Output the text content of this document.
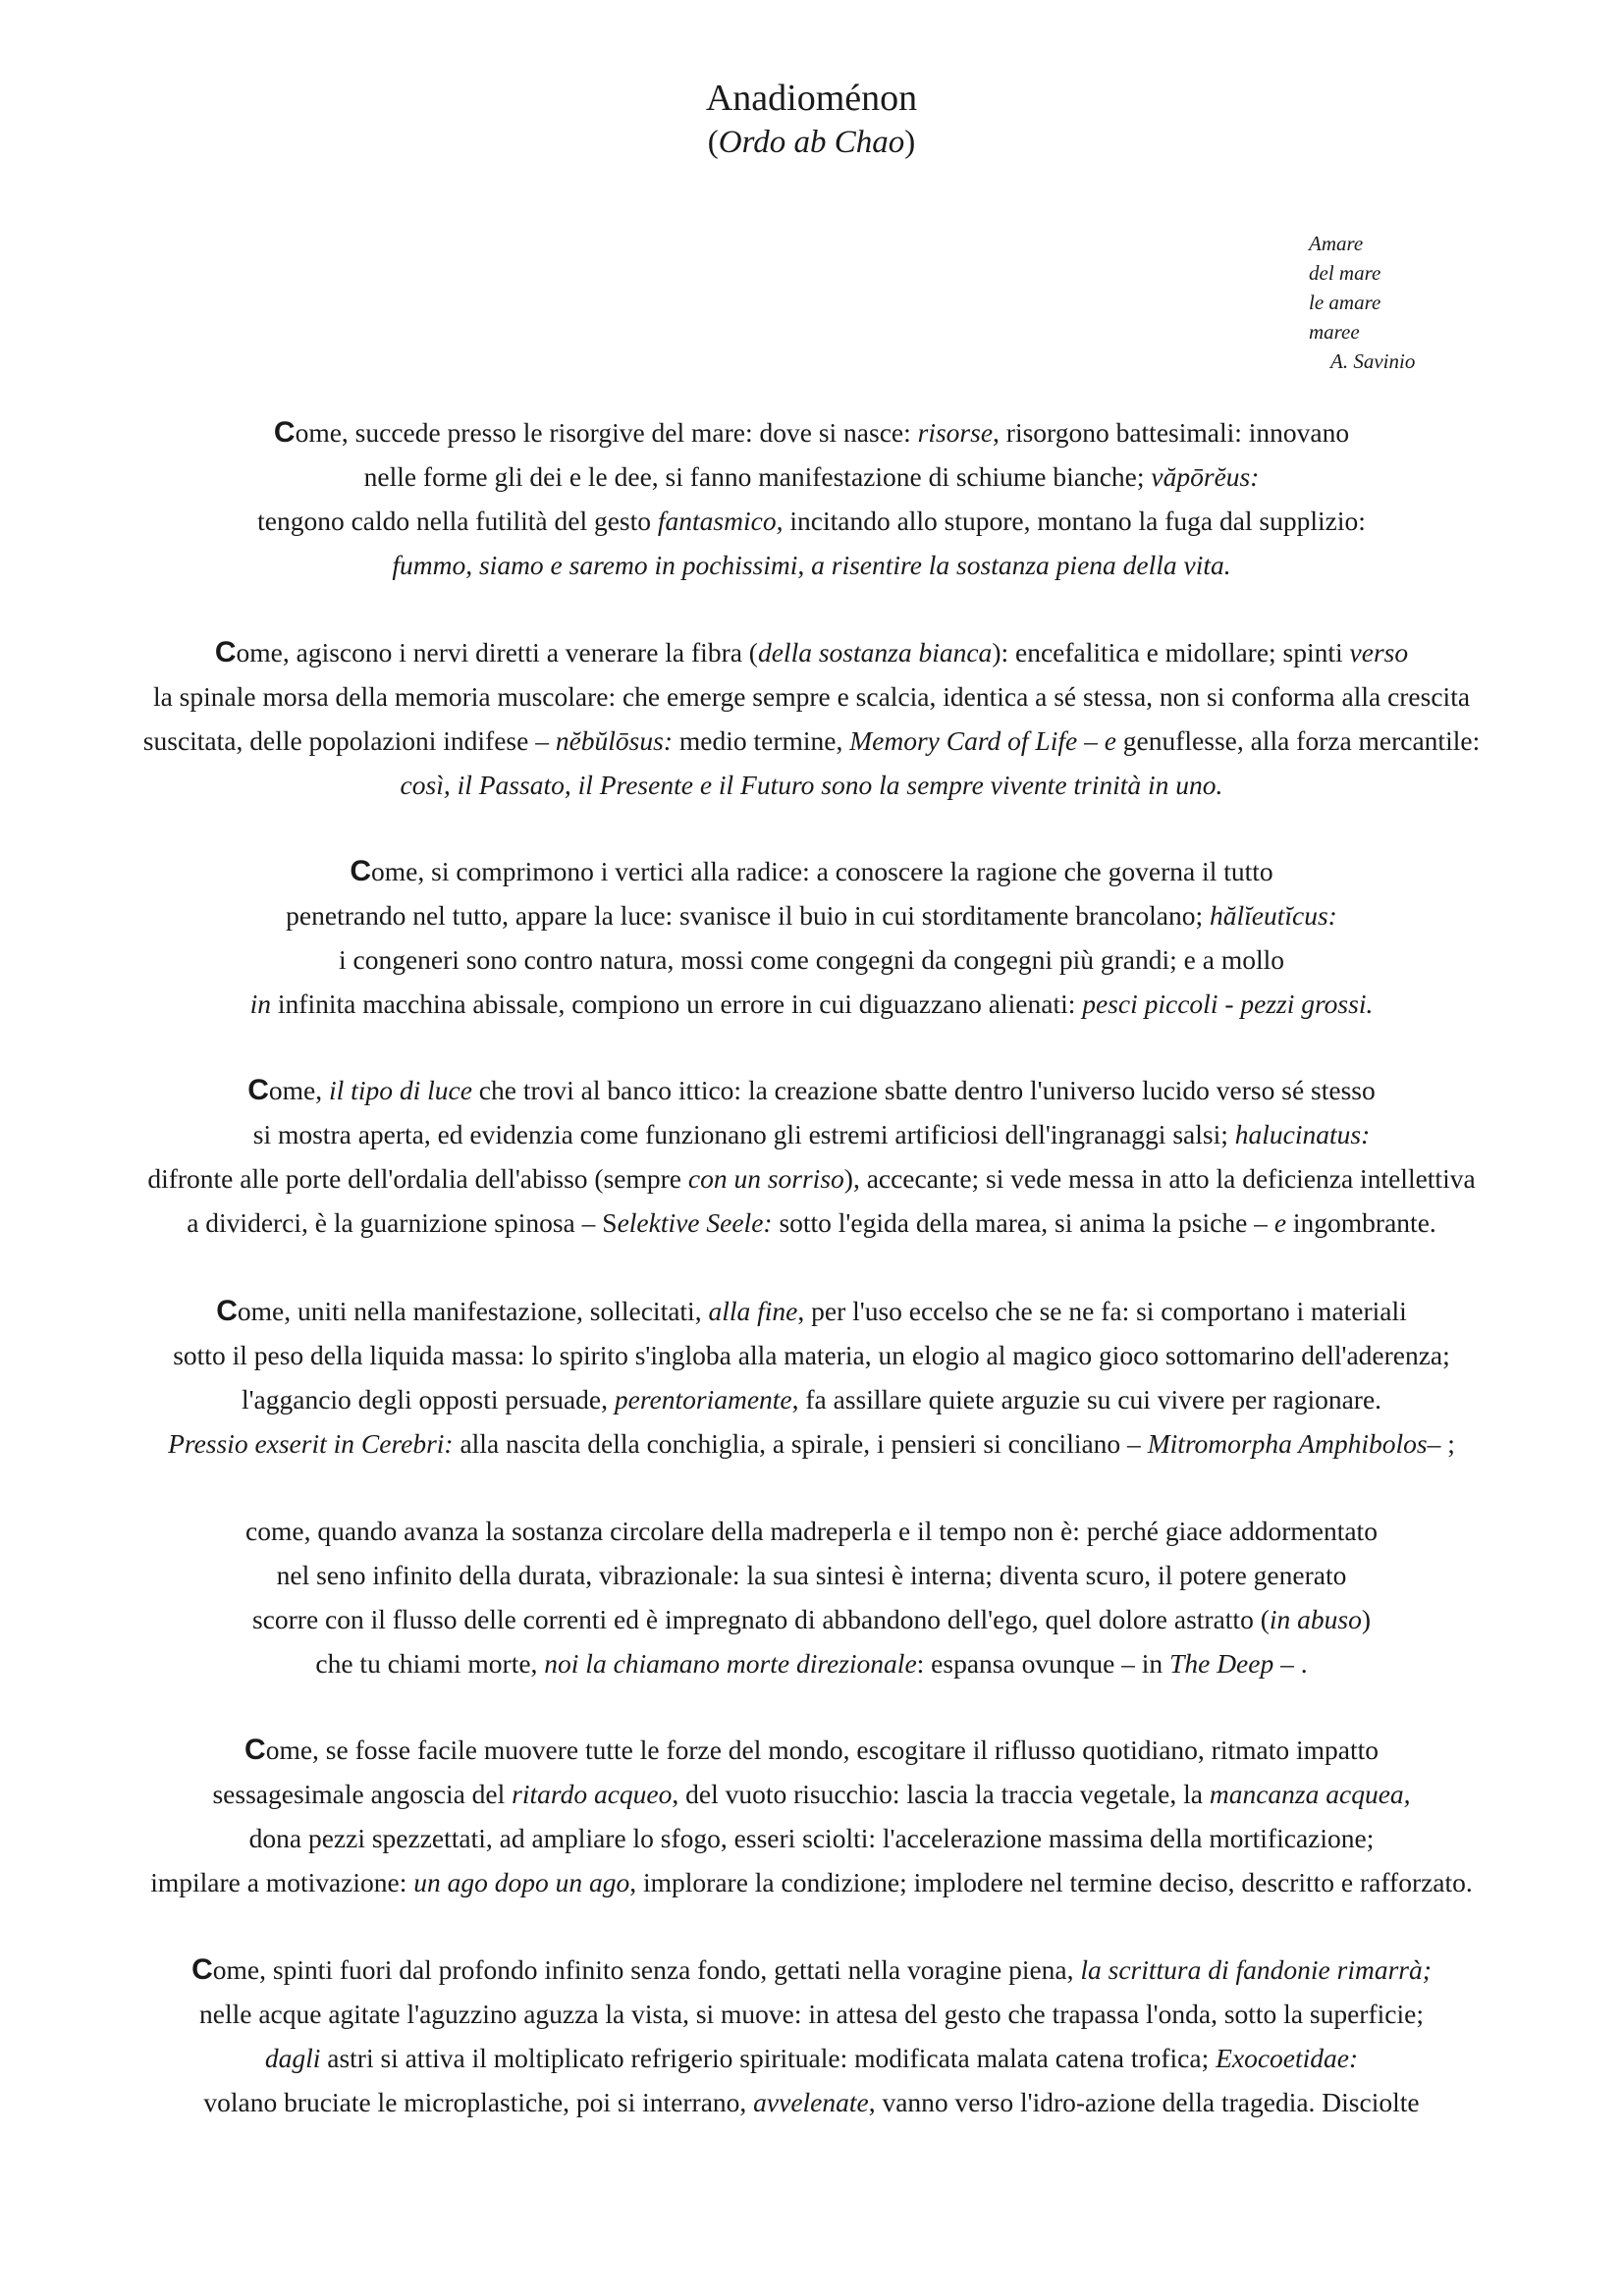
Anadioménon
(Ordo ab Chao)
Amare
del mare
le amare
maree
A. Savinio
Come, succede presso le risorgive del mare: dove si nasce: risorse, risorgono battesimali: innovano
nelle forme gli dei e le dee, si fanno manifestazione di schiume bianche; văpōrĕus:
tengono caldo nella futilità del gesto fantasmico, incitando allo stupore, montano la fuga dal supplizio:
fummo, siamo e saremo in pochissimi, a risentire la sostanza piena della vita.
Come, agiscono i nervi diretti a venerare la fibra (della sostanza bianca): encefalitica e midollare; spinti verso
la spinale morsa della memoria muscolare: che emerge sempre e scalcia, identica a sé stessa, non si conforma alla crescita
suscitata, delle popolazioni indifese – nĕbŭlōsus: medio termine, Memory Card of Life – e genuflesse, alla forza mercantile:
così, il Passato, il Presente e il Futuro sono la sempre vivente trinità in uno.
Come, si comprimono i vertici alla radice: a conoscere la ragione che governa il tutto
penetrando nel tutto, appare la luce: svanisce il buio in cui storditamente brancolano; hălĭeutĭcus:
i congeneri sono contro natura, mossi come congegni da congegni più grandi; e a mollo
in infinita macchina abissale, compiono un errore in cui diguazzano alienati: pesci piccoli - pezzi grossi.
Come, il tipo di luce che trovi al banco ittico: la creazione sbatte dentro l'universo lucido verso sé stesso
si mostra aperta, ed evidenzia come funzionano gli estremi artificiosi dell'ingranaggi salsi; halucinatus:
difronte alle porte dell'ordalia dell'abisso (sempre con un sorriso), accecante; si vede messa in atto la deficienza intellettiva
a dividerci, è la guarnizione spinosa – Selektive Seele: sotto l'egida della marea, si anima la psiche – e ingombrante.
Come, uniti nella manifestazione, sollecitati, alla fine, per l'uso eccelso che se ne fa: si comportano i materiali
sotto il peso della liquida massa: lo spirito s'ingloba alla materia, un elogio al magico gioco sottomarino dell'aderenza;
l'aggancio degli opposti persuade, perentoriamente, fa assillare quiete arguzie su cui vivere per ragionare.
Pressio exserit in Cerebri: alla nascita della conchiglia, a spirale, i pensieri si conciliano – Mitromorpha Amphibolos– ;
come, quando avanza la sostanza circolare della madreperla e il tempo non è: perché giace addormentato
nel seno infinito della durata, vibrazionale: la sua sintesi è interna; diventa scuro, il potere generato
scorre con il flusso delle correnti ed è impregnato di abbandono dell'ego, quel dolore astratto (in abuso)
che tu chiami morte, noi la chiamano morte direzionale: espansa ovunque – in The Deep – .
Come, se fosse facile muovere tutte le forze del mondo, escogitare il riflusso quotidiano, ritmato impatto
sessagesimale angoscia del ritardo acqueo, del vuoto risucchio: lascia la traccia vegetale, la mancanza acquea,
dona pezzi spezzettati, ad ampliare lo sfogo, esseri sciolti: l'accelerazione massima della mortificazione;
impilare a motivazione: un ago dopo un ago, implorare la condizione; implodere nel termine deciso, descritto e rafforzato.
Come, spinti fuori dal profondo infinito senza fondo, gettati nella voragine piena, la scrittura di fandonie rimarrà;
nelle acque agitate l'aguzzino aguzza la vista, si muove: in attesa del gesto che trapassa l'onda, sotto la superficie;
dagli astri si attiva il moltiplicato refrigerio spirituale: modificata malata catena trofica; Exocoetidae:
volano bruciate le microplastiche, poi si interrano, avvelenate, vanno verso l'idro-azione della tragedia. Disciolte
